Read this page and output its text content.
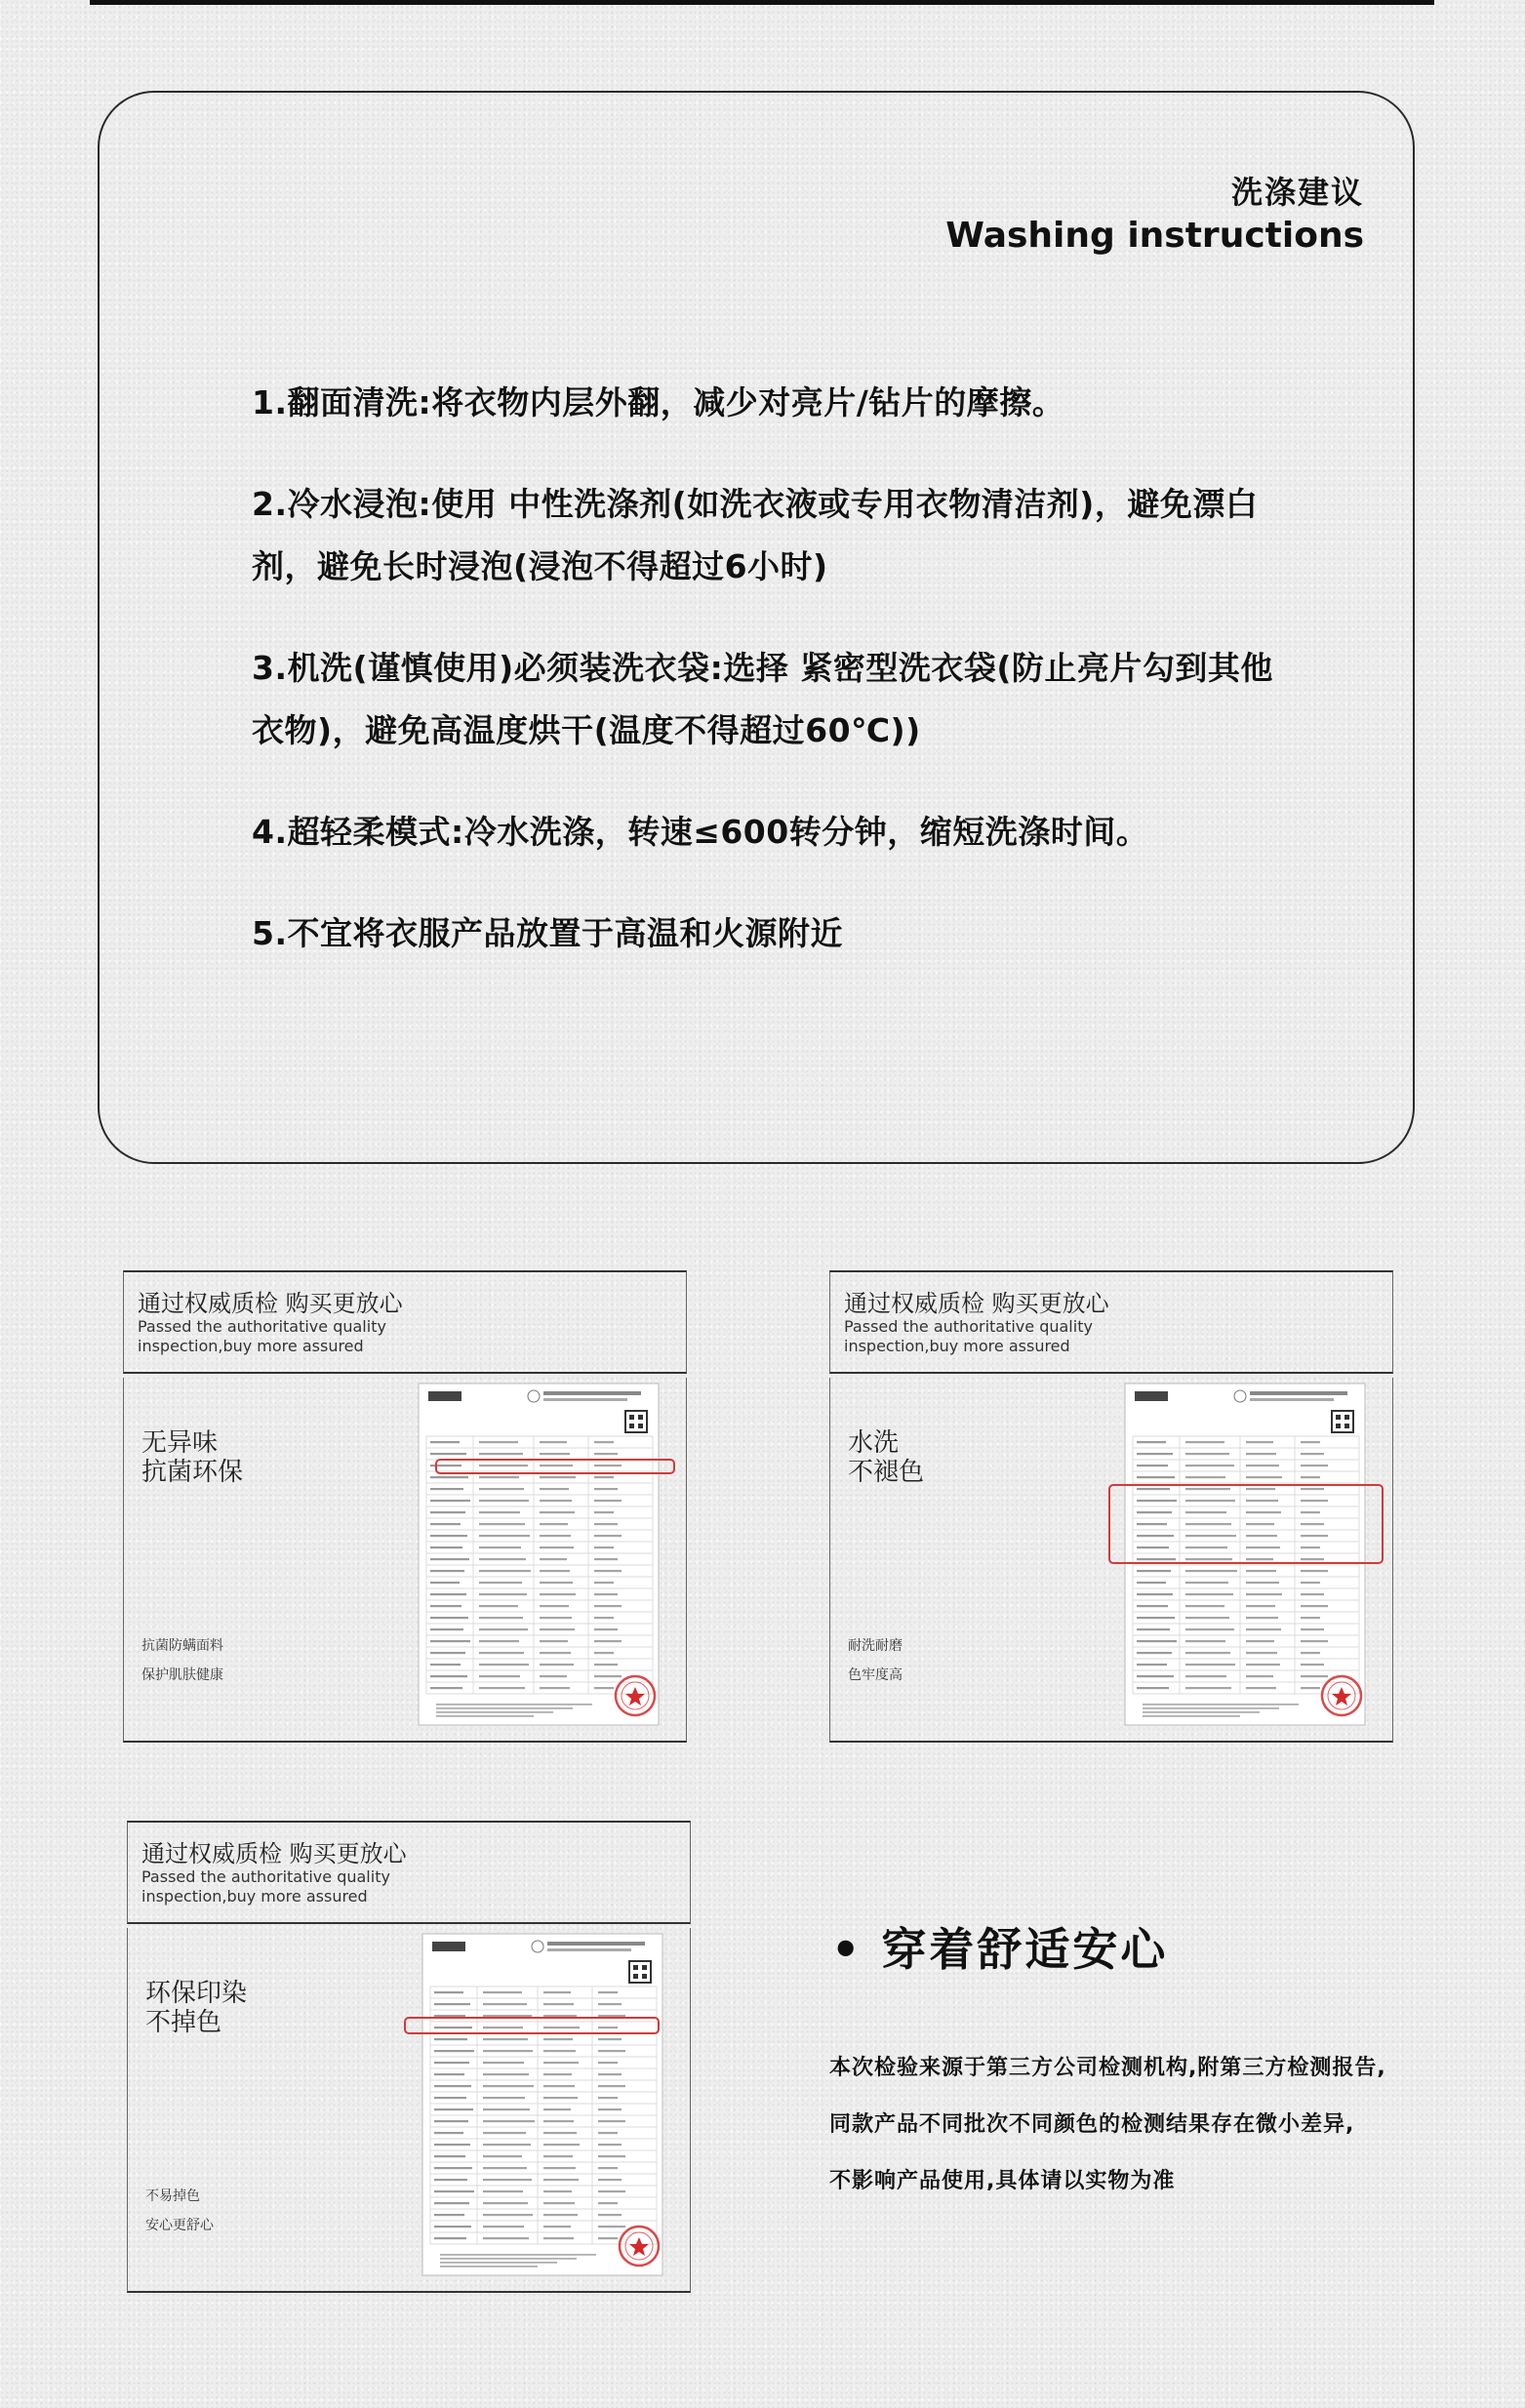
洗涤建议
Washing instructions
1.翻面清洗:将衣物内层外翻，减少对亮片/钻片的摩擦。
2.冷水浸泡:使用 中性洗涤剂(如洗衣液或专用衣物清洁剂)，避免漂白剂，避免长时浸泡(浸泡不得超过6小时)
3.机洗(谨慎使用)必须装洗衣袋:选择 紧密型洗衣袋(防止亮片勾到其他衣物)，避免高温度烘干(温度不得超过60℃))
4.超轻柔模式:冷水洗涤，转速≤600转分钟，缩短洗涤时间。
5.不宜将衣服产品放置于高温和火源附近
通过权威质检 购买更放心
Passed the authoritative quality
inspection,buy more assured
无异味
抗菌环保
抗菌防螨面料
保护肌肤健康
通过权威质检 购买更放心
Passed the authoritative quality
inspection,buy more assured
水洗
不褪色
耐洗耐磨
色牢度高
通过权威质检 购买更放心
Passed the authoritative quality
inspection,buy more assured
环保印染
不掉色
不易掉色
安心更舒心
• 穿着舒适安心
本次检验来源于第三方公司检测机构,附第三方检测报告,
同款产品不同批次不同颜色的检测结果存在微小差异,
不影响产品使用,具体请以实物为准
